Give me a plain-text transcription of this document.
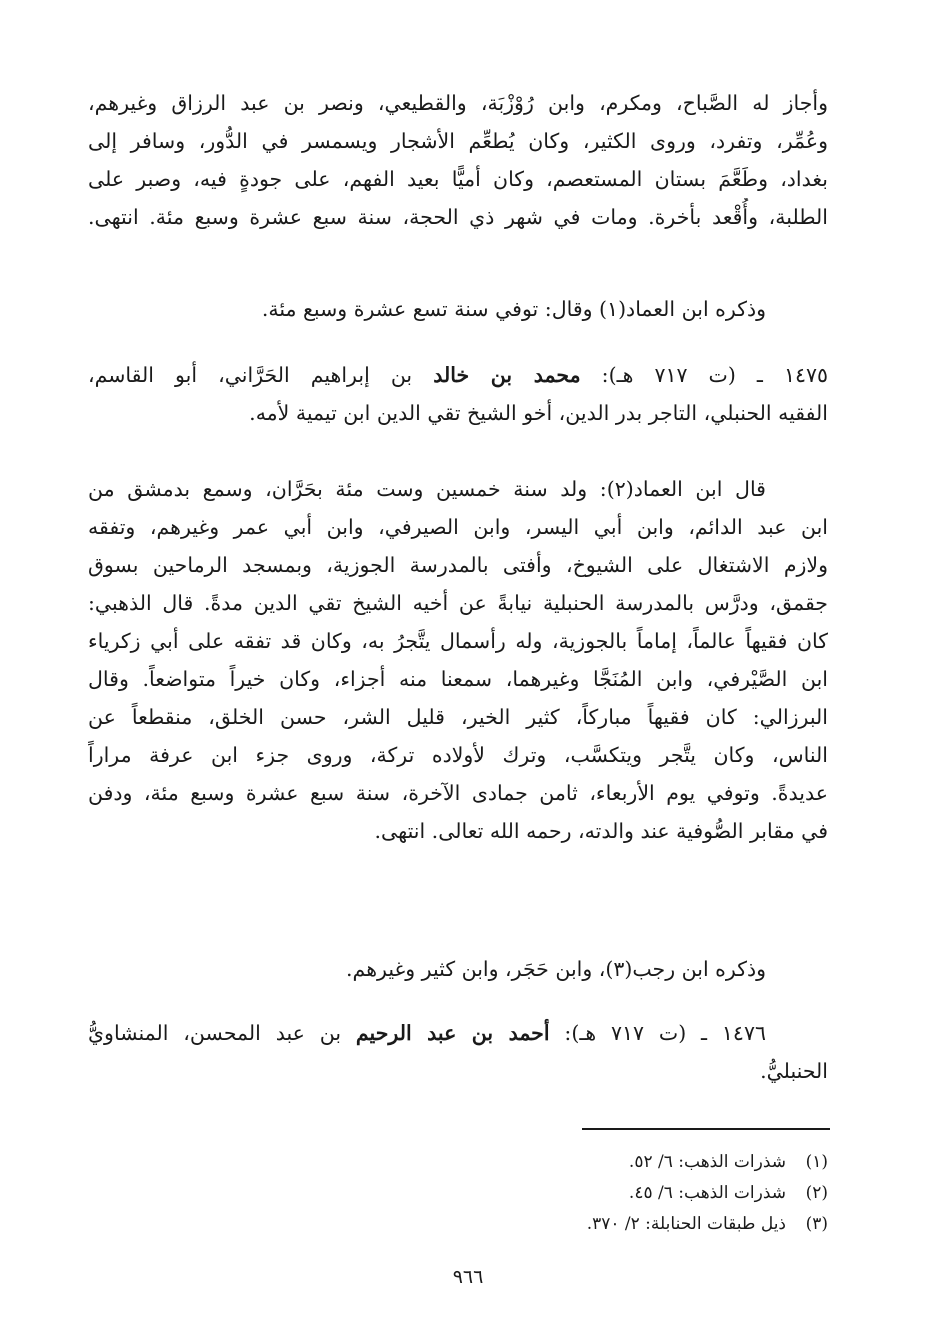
وأجاز له الصَّباح، ومكرم، وابن رُوْزْبَة، والقطيعي، ونصر بن عبد الرزاق وغيرهم،
وعُمِّر، وتفرد، وروى الكثير، وكان يُطعِّم الأشجار ويسمسر في الدُّور، وسافر إلى
بغداد، وطَعَّمَ بستان المستعصم، وكان أميًّا بعيد الفهم، على جودةٍ فيه، وصبر على
الطلبة، وأُقْعد بأخرة. ومات في شهر ذي الحجة، سنة سبع عشرة وسبع مئة. انتهى.
وذكره ابن العماد(١) وقال: توفي سنة تسع عشرة وسبع مئة.
١٤٧٥ ـ (ت ٧١٧ هـ): محمد بن خالد بن إبراهيم الحَرَّاني، أبو القاسم،
الفقيه الحنبلي، التاجر بدر الدين، أخو الشيخ تقي الدين ابن تيمية لأمه.
قال ابن العماد(٢): ولد سنة خمسين وست مئة بحَرَّان، وسمع بدمشق من
ابن عبد الدائم، وابن أبي اليسر، وابن الصيرفي، وابن أبي عمر وغيرهم، وتفقه
ولازم الاشتغال على الشيوخ، وأفتى بالمدرسة الجوزية، وبمسجد الرماحين بسوق
جقمق، ودرَّس بالمدرسة الحنبلية نيابةً عن أخيه الشيخ تقي الدين مدةً. قال الذهبي:
كان فقيهاً عالماً، إماماً بالجوزية، وله رأسمال يتَّجرُ به، وكان قد تفقه على أبي زكرياء
ابن الصَّيْرفي، وابن المُنَجَّا وغيرهما، سمعنا منه أجزاء، وكان خيراً متواضعاً. وقال
البرزالي: كان فقيهاً مباركاً، كثير الخير، قليل الشر، حسن الخلق، منقطعاً عن
الناس، وكان يتَّجر ويتكسَّب، وترك لأولاده تركة، وروى جزء ابن عرفة مراراً
عديدةً. وتوفي يوم الأربعاء، ثامن جمادى الآخرة، سنة سبع عشرة وسبع مئة، ودفن
في مقابر الصُّوفية عند والدته، رحمه الله تعالى. انتهى.
وذكره ابن رجب(٣)، وابن حَجَر، وابن كثير وغيرهم.
١٤٧٦ ـ (ت ٧١٧ هـ): أحمد بن عبد الرحيم بن عبد المحسن، المنشاويُّ
الحنبليُّ.
(١)شذرات الذهب: ٦/ ٥٢.
(٢)شذرات الذهب: ٦/ ٤٥.
(٣)ذيل طبقات الحنابلة: ٢/ ٣٧٠.
٩٦٦
